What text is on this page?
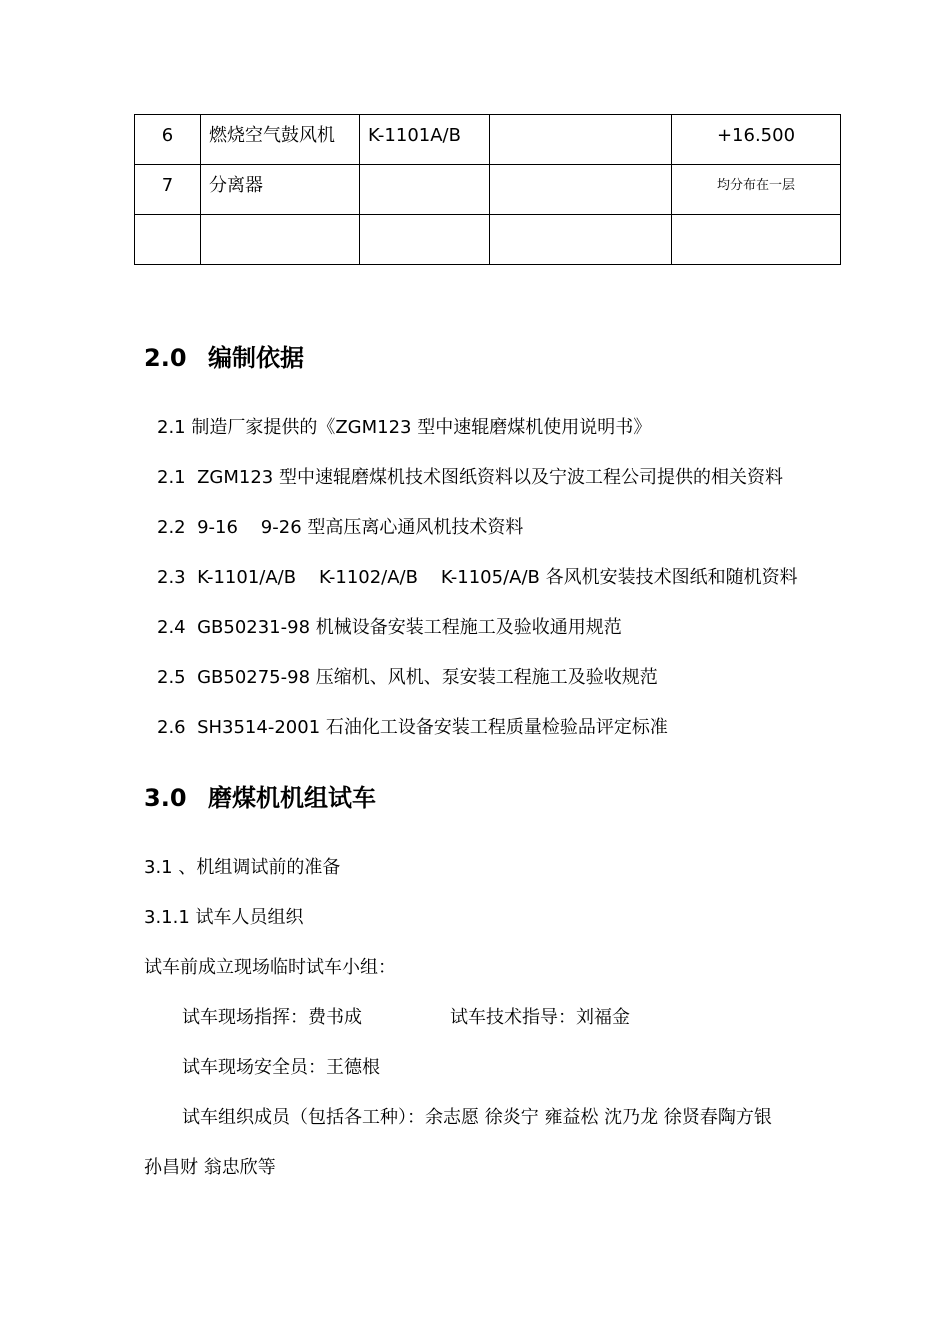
6	燃烧空气鼓风机	K-1101A/B		+16.500
7	分离器			均分布在一层

2.0 编制依据
2.1 制造厂家提供的《ZGM123 型中速辊磨煤机使用说明书》
2.1  ZGM123 型中速辊磨煤机技术图纸资料以及宁波工程公司提供的相关资料
2.2  9-16    9-26 型高压离心通风机技术资料
2.3  K-1101/A/B    K-1102/A/B    K-1105/A/B 各风机安装技术图纸和随机资料
2.4  GB50231-98 机械设备安装工程施工及验收通用规范
2.5  GB50275-98 压缩机、风机、泵安装工程施工及验收规范
2.6  SH3514-2001 石油化工设备安装工程质量检验品评定标准
3.0 磨煤机机组试车
3.1 、机组调试前的准备
3.1.1 试车人员组织
试车前成立现场临时试车小组：
试车现场指挥：费书成	试车技术指导：刘福金
试车现场安全员：王德根
试车组织成员（包括各工种）：余志愿 徐炎宁 雍益松 沈乃龙 徐贤春陶方银
孙昌财 翁忠欣等
